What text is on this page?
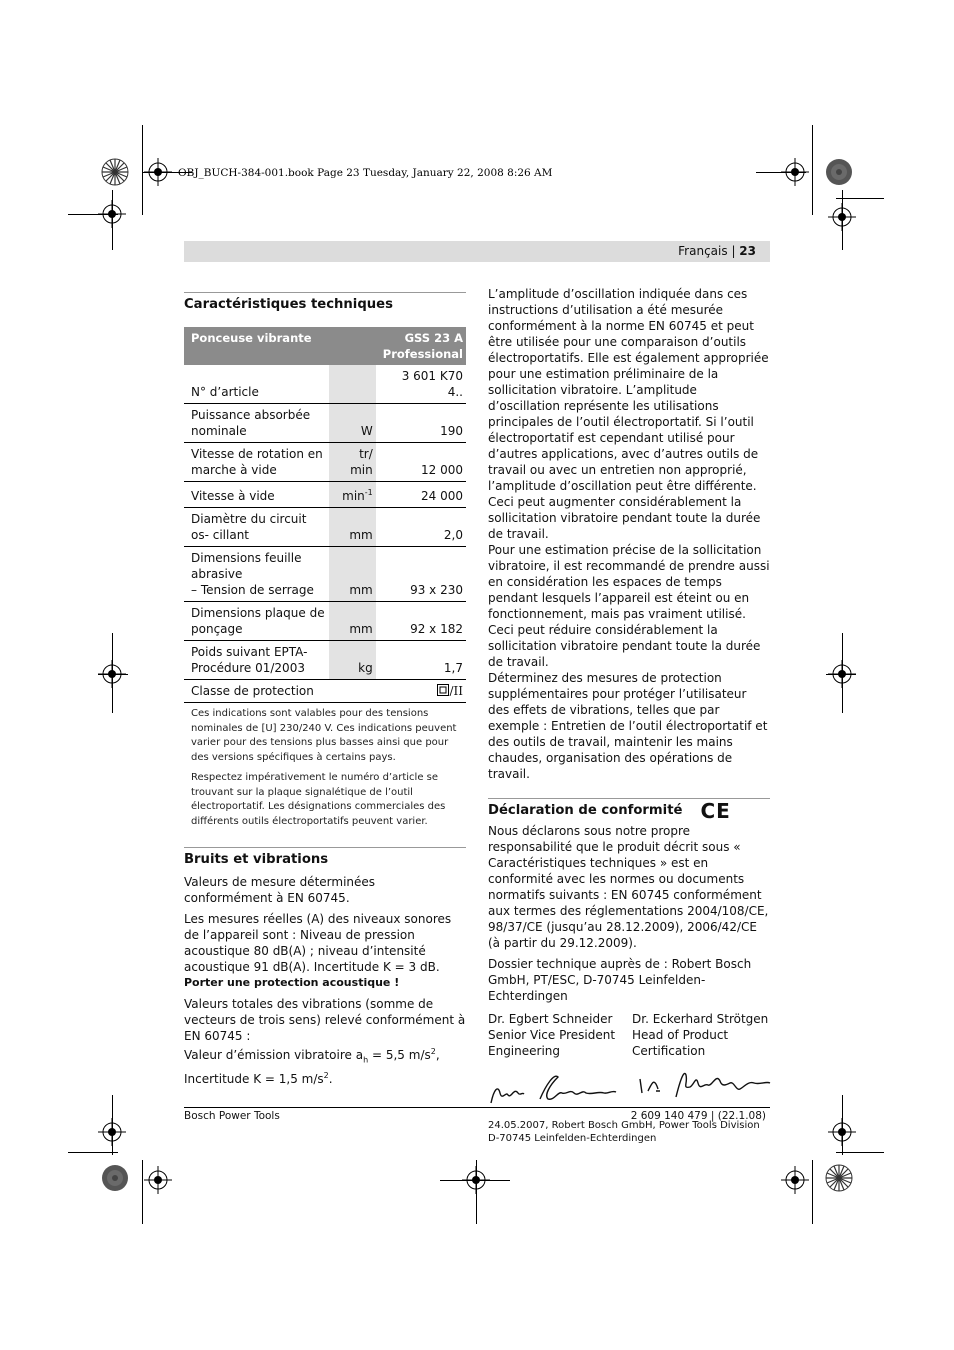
OBJ_BUCH-384-001.book Page 23 Tuesday, January 22, 2008 8:26 AM
Français | 23
Caractéristiques techniques
Ponceuse vibrante		GSS 23 A
Professional
N° d’article		3 601 K70 4..
Puissance absorbée nominale	W	190
Vitesse de rotation en marche à vide	tr/ min	12 000
Vitesse à vide	$\min^{-1}$	24 000
Diamètre du circuit os- cillant	mm	2,0
Dimensions feuille abrasive
– Tension de serrage	mm	93 x 230
Dimensions plaque de ponçage	mm	92 x 182
Poids suivant EPTA-Procédure 01/2003	kg	1,7
Classe de protection		/II

Ces indications sont valables pour des tensions nominales de [U] 230/240 V. Ces indications peuvent varier pour des tensions plus basses ainsi que pour des versions spécifiques à certains pays.

Respectez impérativement le numéro d’article se trouvant sur la plaque signalétique de l’outil électroportatif. Les désignations commerciales des différents outils électroportatifs peuvent varier.

Bruits et vibrations

Valeurs de mesure déterminées conformément à EN 60745.

Les mesures réelles (A) des niveaux sonores de l’appareil sont : Niveau de pression acoustique 80 dB(A) ; niveau d’intensité acoustique 91 dB(A). Incertitude K = 3 dB.

Porter une protection acoustique !

Valeurs totales des vibrations (somme de vecteurs de trois sens) relevé conformément à EN 60745 :

Valeur d’émission vibratoire $a_h = 5,5$ $m/s^2$, Incertitude K = 1,5 $m/s^2$.

L’amplitude d’oscillation indiquée dans ces instructions d’utilisation a été mesurée conformément à la norme EN 60745 et peut être utilisée pour une comparaison d’outils électroportatifs. Elle est également appropriée pour une estimation préliminaire de la sollicitation vibratoire. L’amplitude d’oscillation représente les utilisations principales de l’outil électroportatif. Si l’outil électroportatif est cependant utilisé pour d’autres applications, avec d’autres outils de travail ou avec un entretien non approprié, l’amplitude d’oscillation peut être différente. Ceci peut augmenter considérablement la sollicitation vibratoire pendant toute la durée de travail.

Pour une estimation précise de la sollicitation vibratoire, il est recommandé de prendre aussi en considération les espaces de temps pendant lesquels l’appareil est éteint ou en fonctionnement, mais pas vraiment utilisé. Ceci peut réduire considérablement la sollicitation vibratoire pendant toute la durée de travail.

Déterminez des mesures de protection supplémentaires pour protéger l’utilisateur des effets de vibrations, telles que par exemple : Entretien de l’outil électroportatif et des outils de travail, maintenir les mains chaudes, organisation des opérations de travail.

Déclaration de conformité CE

Nous déclarons sous notre propre responsabilité que le produit décrit sous « Caractéristiques techniques » est en conformité avec les normes ou documents normatifs suivants : EN 60745 conformément aux termes des réglementations 2004/108/CE, 98/37/CE (jusqu’au 28.12.2009), 2006/42/CE (à partir du 29.12.2009).

Dossier technique auprès de : Robert Bosch GmbH, PT/ESC, D-70745 Leinfelden-Echterdingen

Dr. Egbert Schneider
Senior Vice President
Engineering
Dr. Eckerhard Strötgen
Head of Product
Certification
24.05.2007, Robert Bosch GmbH, Power Tools Division
D-70745 Leinfelden-Echterdingen
Bosch Power Tools	2 609 140 479 | (22.1.08)
